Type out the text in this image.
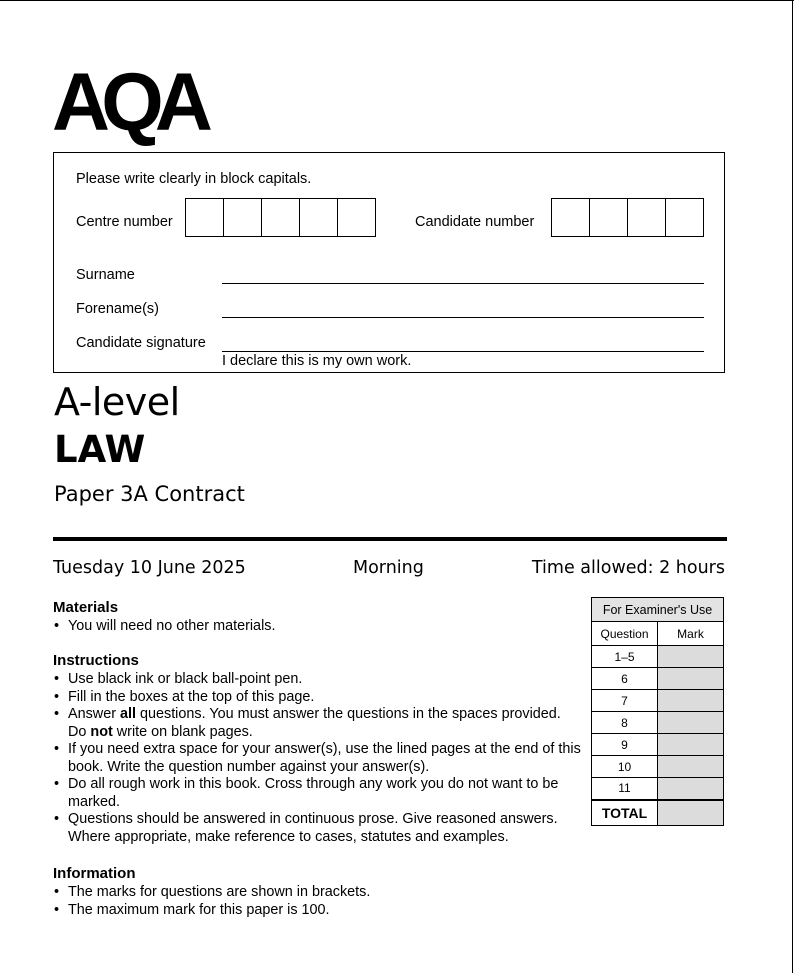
AQA
Please write clearly in block capitals.
Centre number	Candidate number
Surname
Forename(s)
Candidate signature
I declare this is my own work.
A-level
LAW
Paper 3A Contract
Tuesday 10 June 2025	Morning	Time allowed: 2 hours
Materials
• You will need no other materials.
Instructions
• Use black ink or black ball-point pen.
• Fill in the boxes at the top of this page.
• Answer all questions. You must answer the questions in the spaces provided. Do not write on blank pages.
• If you need extra space for your answer(s), use the lined pages at the end of this book. Write the question number against your answer(s).
• Do all rough work in this book. Cross through any work you do not want to be marked.
• Questions should be answered in continuous prose. Give reasoned answers. Where appropriate, make reference to cases, statutes and examples.
Information
• The marks for questions are shown in brackets.
• The maximum mark for this paper is 100.
For Examiner's Use	
Question	Mark
1–5	
6	
7	
8	
9	
10	
11	
TOTAL	
